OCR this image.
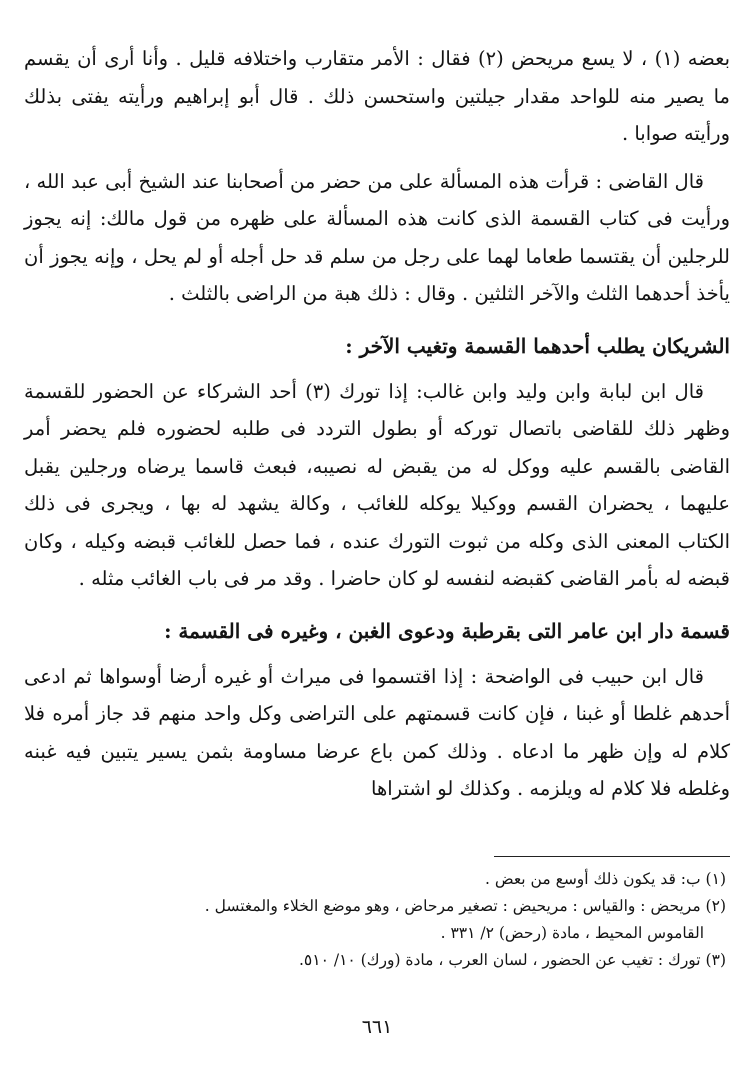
بعضه (١) ، لا يسع مريحض (٢) فقال : الأمر متقارب واختلافه قليل . وأنا أرى أن يقسم ما يصير منه للواحد مقدار جيلتين واستحسن ذلك . قال أبو إبراهيم ورأيته يفتى بذلك ورأيته صوابا .

قال القاضى : قرأت هذه المسألة على من حضر من أصحابنا عند الشيخ أبى عبد الله ، ورأيت فى كتاب القسمة الذى كانت هذه المسألة على ظهره من قول مالك: إنه يجوز للرجلين أن يقتسما طعاما لهما على رجل من سلم قد حل أجله أو لم يحل ، وإنه يجوز أن يأخذ أحدهما الثلث والآخر الثلثين . وقال : ذلك هبة من الراضى بالثلث .

الشريكان يطلب أحدهما القسمة وتغيب الآخر :

قال ابن لبابة وابن وليد وابن غالب: إذا تورك (٣) أحد الشركاء عن الحضور للقسمة وظهر ذلك للقاضى باتصال توركه أو بطول التردد فى طلبه لحضوره فلم يحضر أمر القاضى بالقسم عليه ووكل له من يقبض له نصيبه، فبعث قاسما يرضاه ورجلين يقبل عليهما ، يحضران القسم ووكيلا يوكله للغائب ، وكالة يشهد له بها ، ويجرى فى ذلك الكتاب المعنى الذى وكله من ثبوت التورك عنده ، فما حصل للغائب قبضه وكيله ، وكان قبضه له بأمر القاضى كقبضه لنفسه لو كان حاضرا . وقد مر فى باب الغائب مثله .

قسمة دار ابن عامر التى بقرطبة ودعوى الغبن ، وغيره فى القسمة :

قال ابن حبيب فى الواضحة : إذا اقتسموا فى ميراث أو غيره أرضا أوسواها ثم ادعى أحدهم غلطا أو غبنا ، فإن كانت قسمتهم على التراضى وكل واحد منهم قد جاز أمره فلا كلام له وإن ظهر ما ادعاه . وذلك كمن باع عرضا مساومة بثمن يسير يتبين فيه غبنه وغلطه فلا كلام له ويلزمه . وكذلك لو اشتراها

(١) ب: قد يكون ذلك أوسع من بعض .

(٢) مريحض : والقياس : مريحيض : تصغير مرحاض ، وهو موضع الخلاء والمغتسل .
القاموس المحيط ، مادة (رحض) ٢/ ٣٣١ .

(٣) تورك : تغيب عن الحضور ، لسان العرب ، مادة (ورك) ١٠/ ٥١٠.

٦٦١
